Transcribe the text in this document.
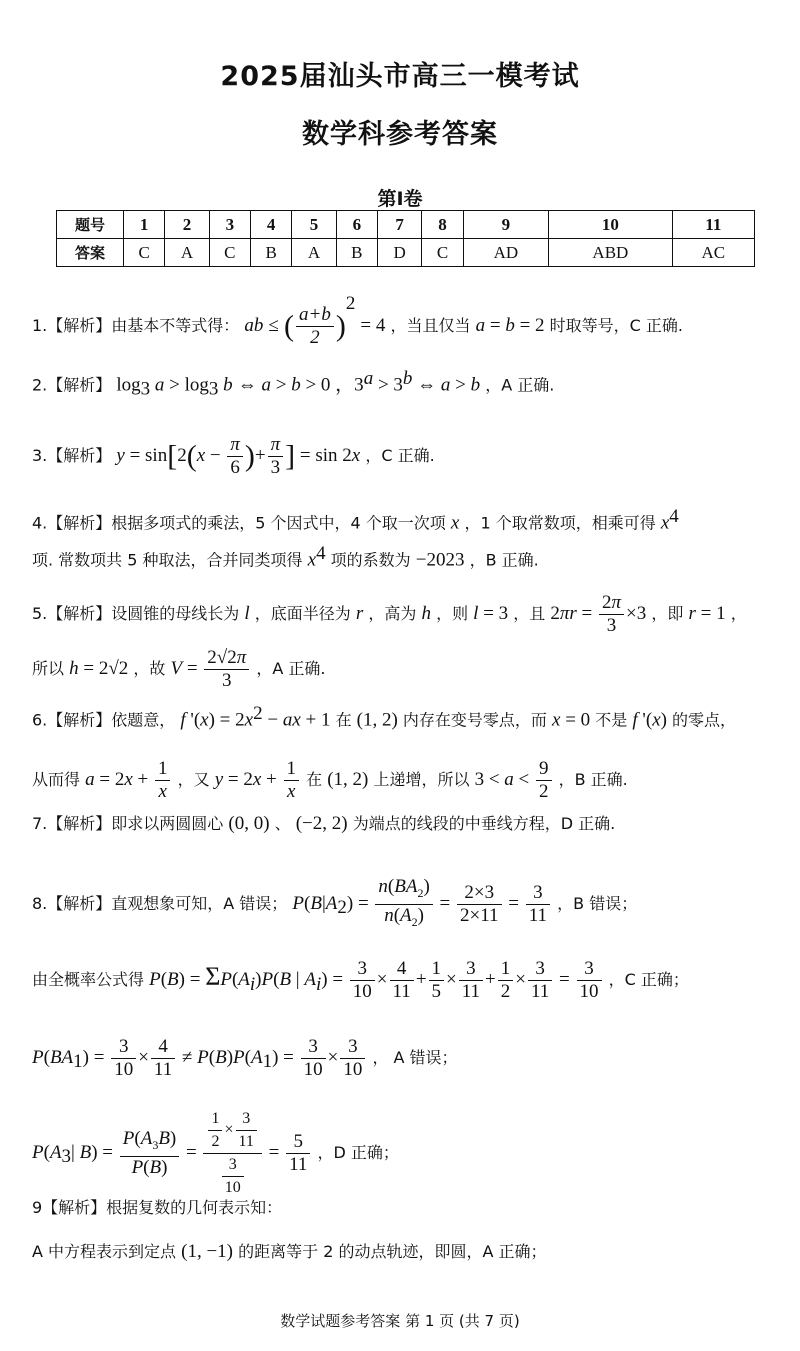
2025届汕头市高三一模考试
数学科参考答案
第Ⅰ卷
题号	1	2	3	4	5	6	7	8	9	10	11
答案	C	A	C	B	A	B	D	C	AD	ABD	AC
1.【解析】由基本不等式得： ab ≤ ( $\frac{a+b}{2} )^2 = 4$ ，当且仅当 a = b = 2 时取等号，C 正确.
2.【解析】 $\log_3 a > \log_3 b$ ⇔ a > b > 0 ，$3^a > 3^b$ ⇔ a > b ，A 正确.
3.【解析】 $y = \sin[2(x - \frac{\pi}{6}$ )+ $\frac{\pi}{3}$ ] = sin 2x ，C 正确.
4.【解析】根据多项式的乘法，5 个因式中，4 个取一次项 x ，1 个取常数项，相乘可得 $x^4$
项. 常数项共 5 种取法，合并同类项得 $x^4$ 项的系数为 −2023 ，B 正确.
5.【解析】设圆锥的母线长为 l ，底面半径为 r ，高为 h ，则 l = 3 ，且 $2\pi r = \frac{2\pi}{3} \times 3$ ，即 r = 1 ，
所以 h = 2√2 ，故 $V = \frac{2√2\pi}{3}$ ，A 正确.
6.【解析】依题意， f '$(x) = 2x^2$ − ax + 1 在 (1, 2) 内存在变号零点，而 x = 0 不是 f '(x) 的零点，
从而得 $a = 2x + \frac{1}{x}$ ，又 $y = 2x + \frac{1}{x}$ 在 (1, 2) 上递增，所以 $3 < a < \frac{9}{2}$ ，B 正确.
7.【解析】即求以两圆圆心 (0, 0) 、 (−2, 2) 为端点的线段的中垂线方程，D 正确.
8.【解析】直观想象可知，A 错误； $P(B|A_2) = \frac{n(BA_2)}{n(A_2)} = \frac{2\times 3}{2\times 11} = \frac{3}{11}$ ，B 错误；
由全概率公式得 $P(B) = \Sigma P(A_i)P(B$ | $A_i) = \frac{3}{10} \times \frac{4}{11} + \frac{1}{5} \times \frac{3}{11} + \frac{1}{2} \times \frac{3}{11} = \frac{3}{10}$ ，C 正确；
$P(BA_1) = \frac{3}{10} \times \frac{4}{11} \ne P(B)P(A_1) = \frac{3}{10} \times \frac{3}{10}$ ， A 错误；
$P(A_3|$ $B) = \frac{P(A_3B)}{P(B)} = \frac{\frac{1}{2} \times \frac{3}{11}}{\frac{3}{10}} = \frac{5}{11}$ ，D 正确；
9【解析】根据复数的几何表示知：
A 中方程表示到定点 (1, −1) 的距离等于 2 的动点轨迹，即圆，A 正确；
数学试题参考答案 第 1 页 (共 7 页)
